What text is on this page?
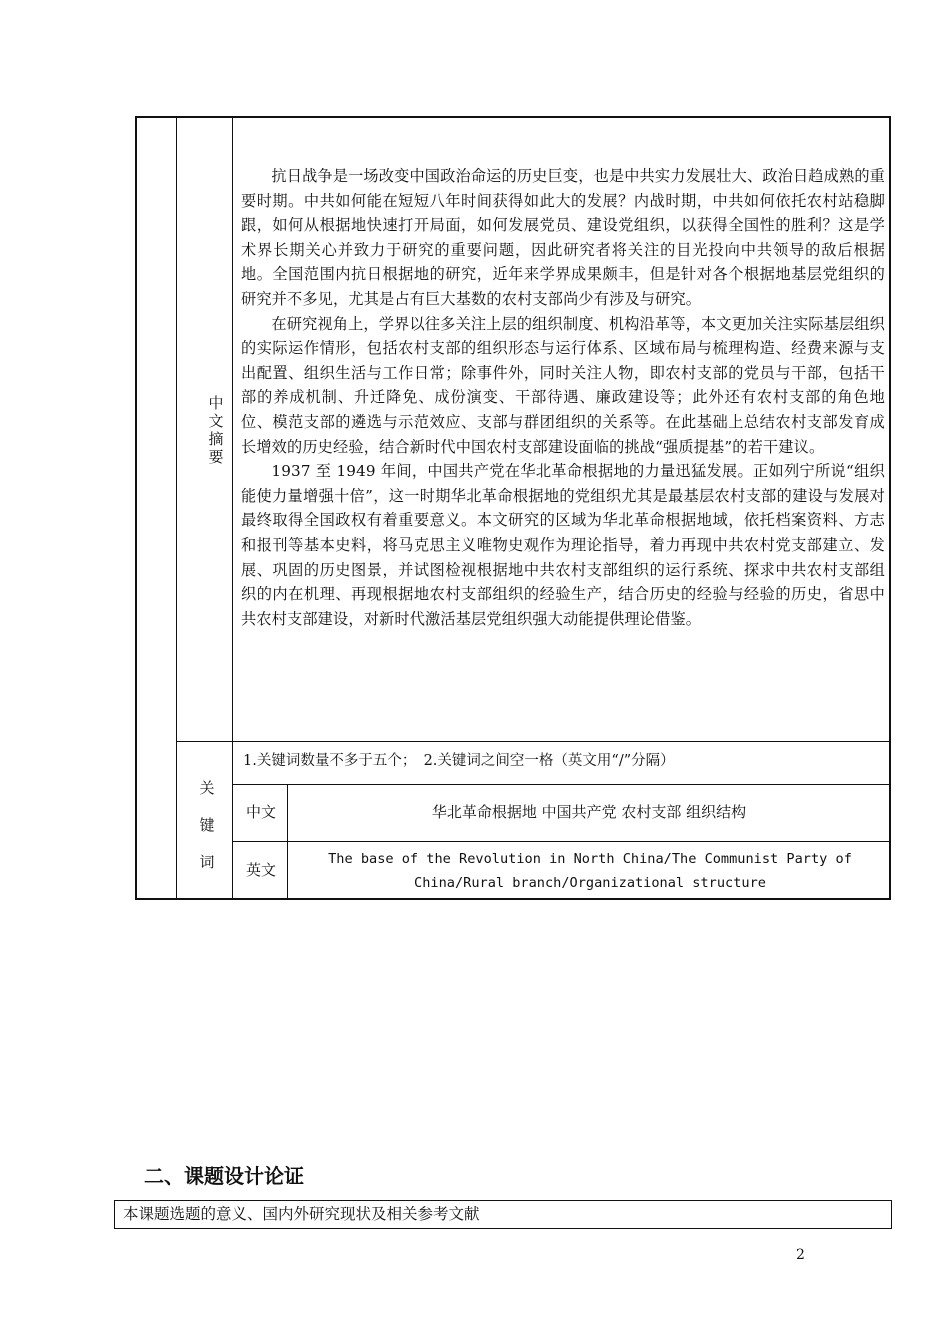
中文摘要

抗日战争是一场改变中国政治命运的历史巨变，也是中共实力发展壮大、政治日趋成熟的重要时期。中共如何能在短短八年时间获得如此大的发展？内战时期，中共如何依托农村站稳脚跟，如何从根据地快速打开局面，如何发展党员、建设党组织，以获得全国性的胜利？这是学术界长期关心并致力于研究的重要问题，因此研究者将关注的目光投向中共领导的敌后根据地。全国范围内抗日根据地的研究，近年来学界成果颇丰，但是针对各个根据地基层党组织的研究并不多见，尤其是占有巨大基数的农村支部尚少有涉及与研究。

在研究视角上，学界以往多关注上层的组织制度、机构沿革等，本文更加关注实际基层组织的实际运作情形，包括农村支部的组织形态与运行体系、区域布局与梳理构造、经费来源与支出配置、组织生活与工作日常；除事件外，同时关注人物，即农村支部的党员与干部，包括干部的养成机制、升迁降免、成份演变、干部待遇、廉政建设等；此外还有农村支部的角色地位、模范支部的遴选与示范效应、支部与群团组织的关系等。在此基础上总结农村支部发育成长增效的历史经验，结合新时代中国农村支部建设面临的挑战“强质提基”的若干建议。

1937 至 1949 年间，中国共产党在华北革命根据地的力量迅猛发展。正如列宁所说“组织能使力量增强十倍”，这一时期华北革命根据地的党组织尤其是最基层农村支部的建设与发展对最终取得全国政权有着重要意义。本文研究的区域为华北革命根据地域，依托档案资料、方志和报刊等基本史料，将马克思主义唯物史观作为理论指导，着力再现中共农村党支部建立、发展、巩固的历史图景，并试图检视根据地中共农村支部组织的运行系统、探求中共农村支部组织的内在机理、再现根据地农村支部组织的经验生产，结合历史的经验与经验的历史，省思中共农村支部建设，对新时代激活基层党组织强大动能提供理论借鉴。

关键词
1.关键词数量不多于五个；　2.关键词之间空一格（英文用“/”分隔）
中文	华北革命根据地 中国共产党 农村支部 组织结构
英文
The base of the Revolution in North China/The Communist Party of China/Rural branch/Organizational structure
二、课题设计论证
本课题选题的意义、国内外研究现状及相关参考文献
2
